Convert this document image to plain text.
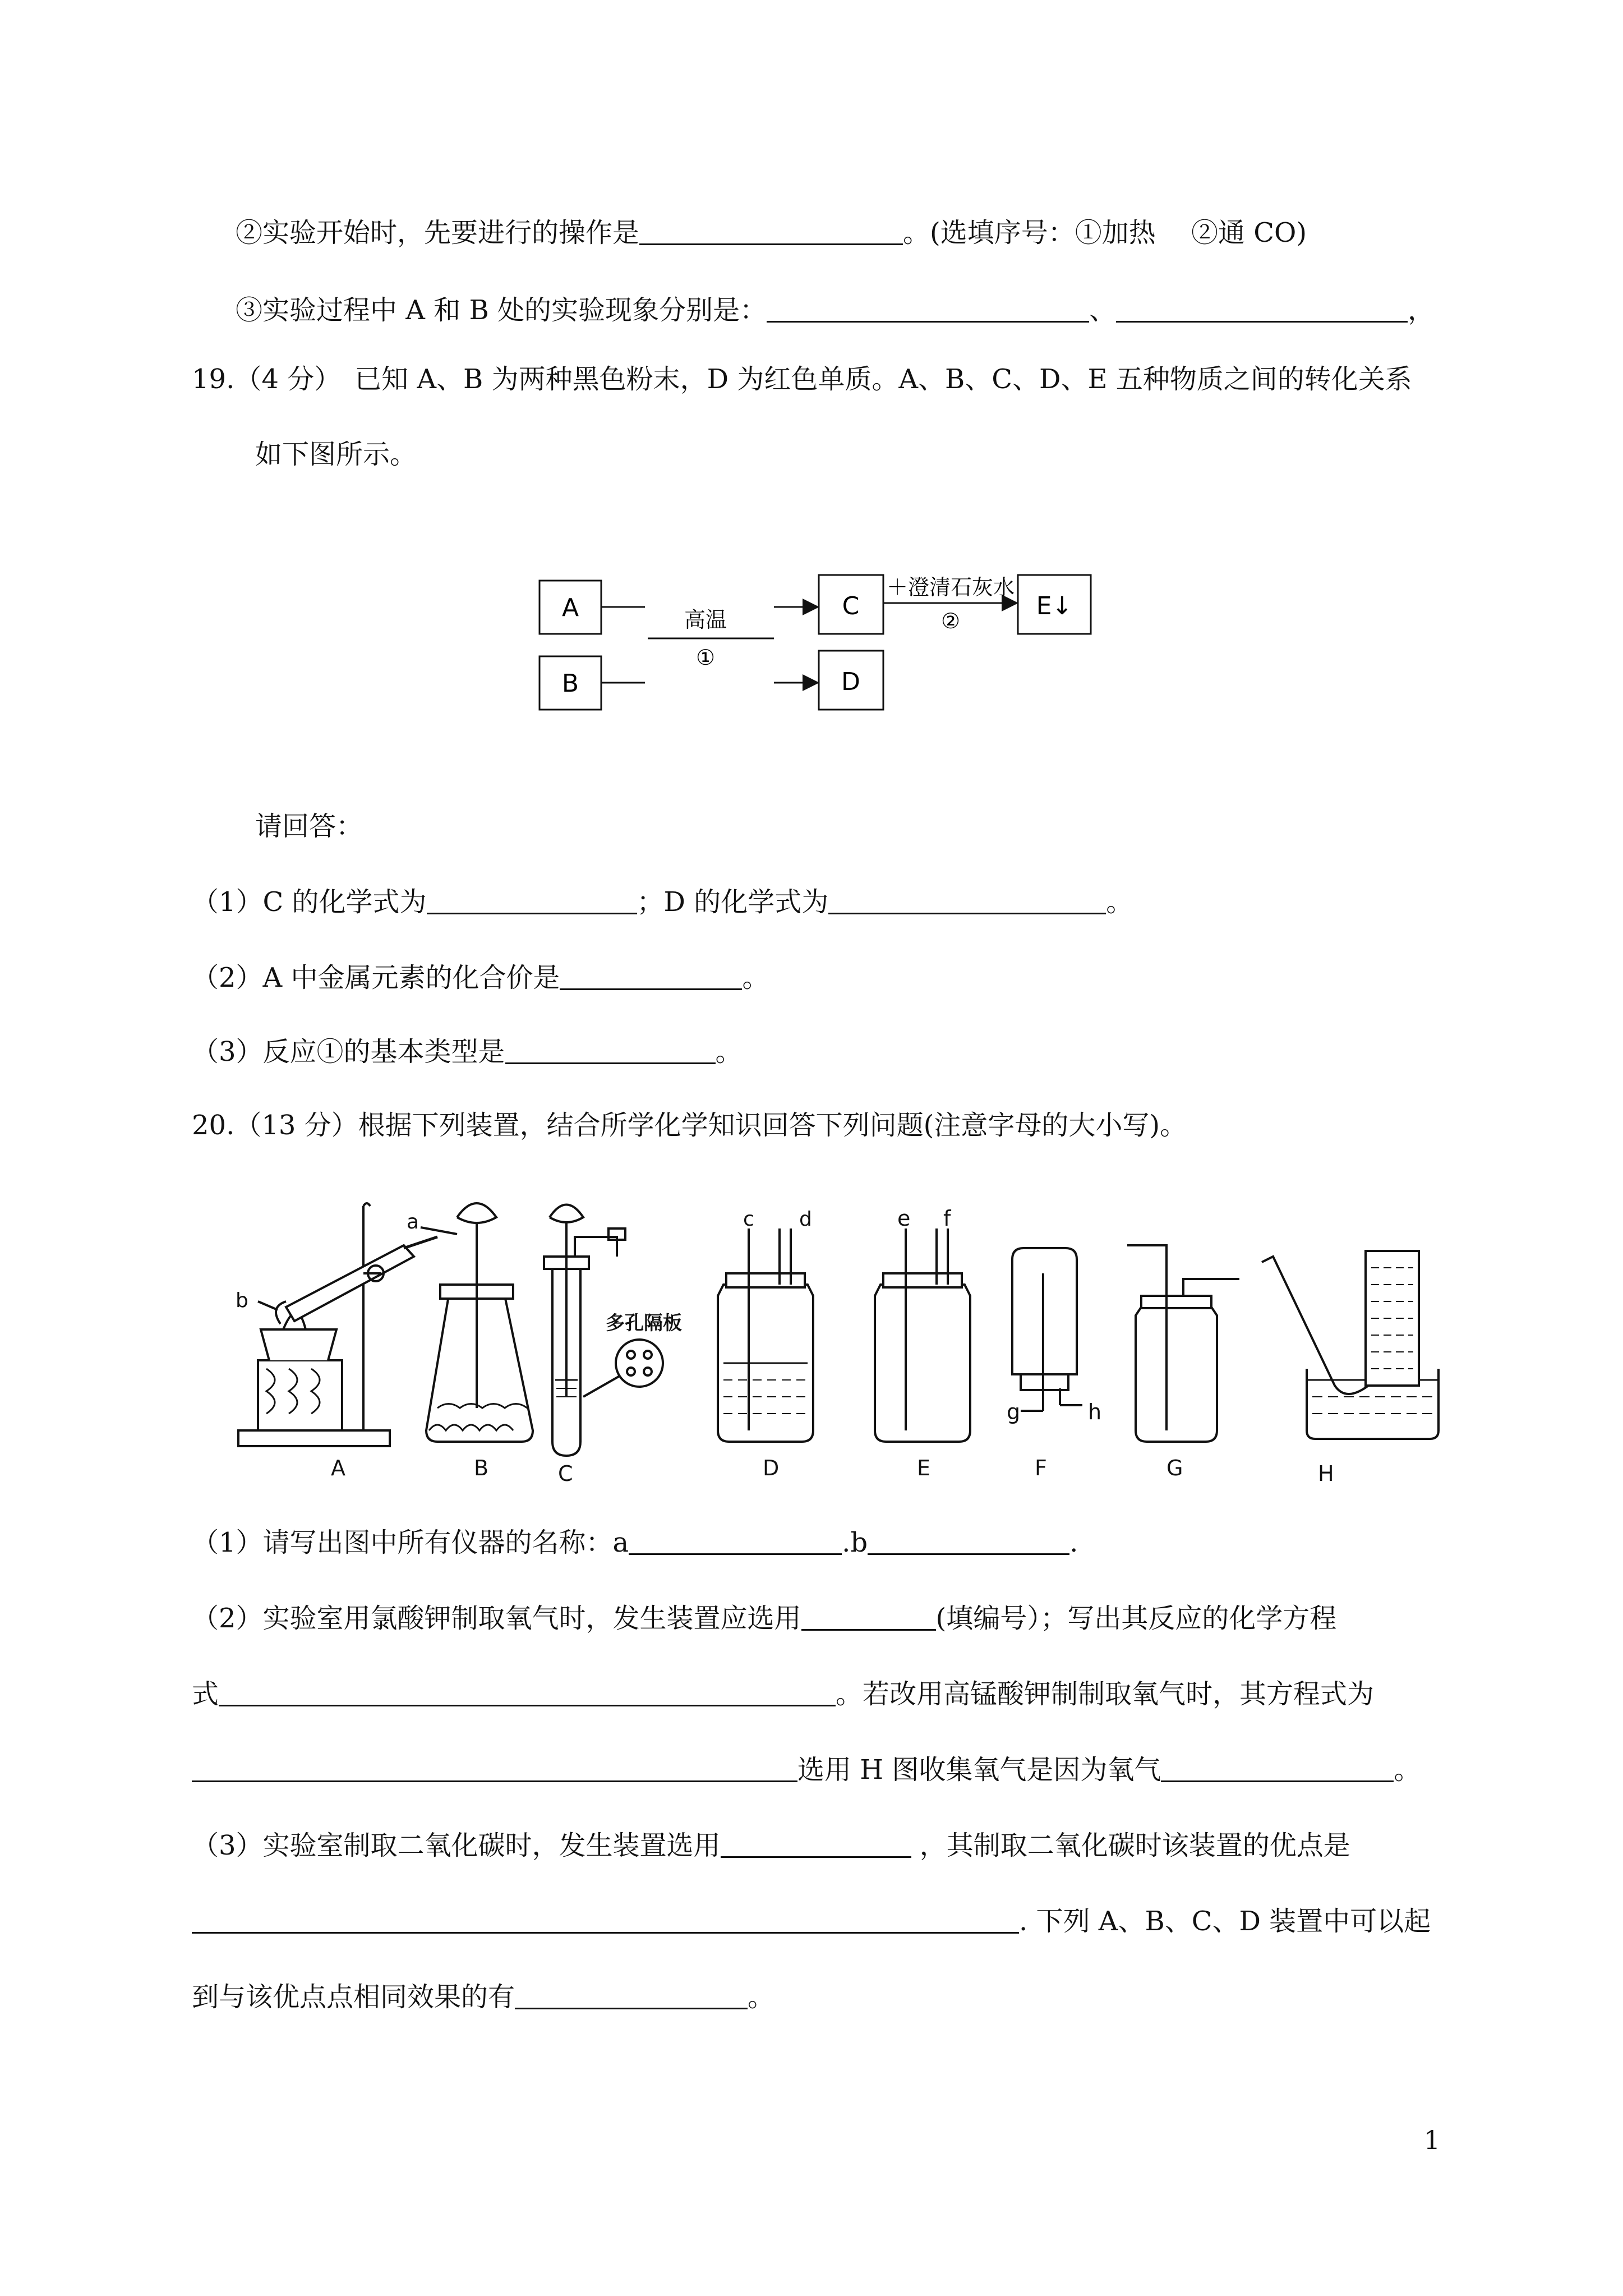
②实验开始时，先要进行的操作是	。(选填序号：①加热　 ②通 CO)
③实验过程中 A 和 B 处的实验现象分别是：	、	，
19.（4 分）　已知 A、B 为两种黑色粉末，D 为红色单质。A、B、C、D、E 五种物质之间的转化关系
如下图所示。
A
B
C
D
E↓
高温
①
＋澄清石灰水
②
请回答：
（1）C 的化学式为	；D 的化学式为	。
（2）A 中金属元素的化合价是	。
（3）反应①的基本类型是	。
20.（13 分）根据下列装置，结合所学化学知识回答下列问题(注意字母的大小写)。
b
A
a
B
多孔隔板
C
c d
D
e f
E
g	h
F	G	H
（1）请写出图中所有仪器的名称：a	.b	.
（2）实验室用氯酸钾制取氧气时，发生装置应选用	(填编号）；写出其反应的化学方程
式	。若改用高锰酸钾制制取氧气时，其方程式为
选用 H 图收集氧气是因为氧气	。
（3）实验室制取二氧化碳时，发生装置选用	，其制取二氧化碳时该装置的优点是
. 下列 A、B、C、D 装置中可以起
到与该优点点相同效果的有	。
1
